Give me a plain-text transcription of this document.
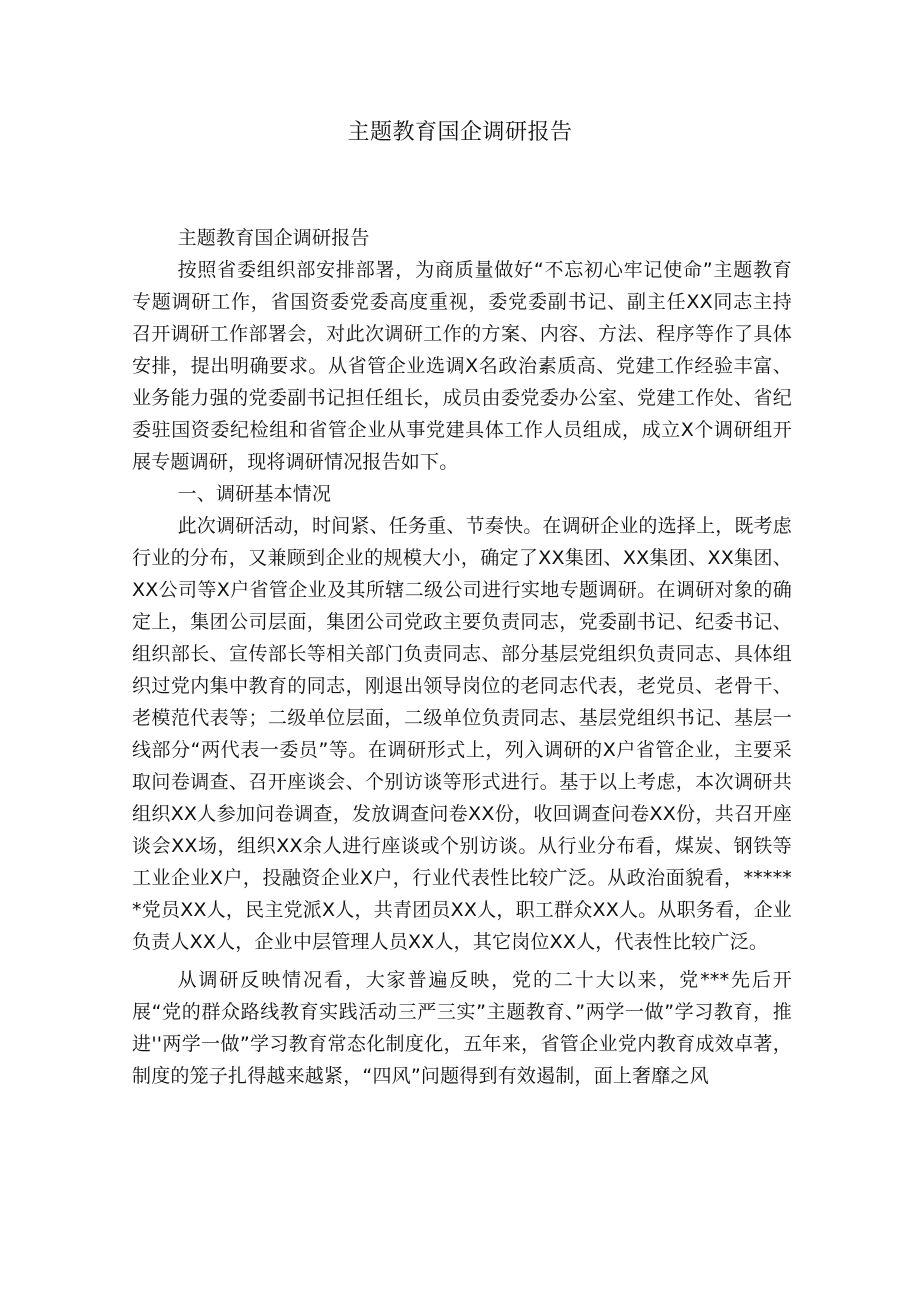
主题教育国企调研报告

主题教育国企调研报告

按照省委组织部安排部署，为商质量做好“不忘初心牢记使命”主题教育专题调研工作，省国资委党委高度重视，委党委副书记、副主任XX同志主持召开调研工作部署会，对此次调研工作的方案、内容、方法、程序等作了具体安排，提出明确要求。从省管企业选调X名政治素质高、党建工作经验丰富、业务能力强的党委副书记担任组长，成员由委党委办公室、党建工作处、省纪委驻国资委纪检组和省管企业从事党建具体工作人员组成，成立X个调研组开展专题调研，现将调研情况报告如下。

一、调研基本情况

此次调研活动，时间紧、任务重、节奏快。在调研企业的选择上，既考虑行业的分布，又兼顾到企业的规模大小，确定了XX集团、XX集团、XX集团、XX公司等X户省管企业及其所辖二级公司进行实地专题调研。在调研对象的确定上，集团公司层面，集团公司党政主要负责同志，党委副书记、纪委书记、组织部长、宣传部长等相关部门负责同志、部分基层党组织负责同志、具体组织过党内集中教育的同志，刚退出领导岗位的老同志代表，老党员、老骨干、老模范代表等；二级单位层面，二级单位负责同志、基层党组织书记、基层一线部分“两代表一委员”等。在调研形式上，列入调研的X户省管企业，主要采取问卷调查、召开座谈会、个别访谈等形式进行。基于以上考虑，本次调研共组织XX人参加问卷调查，发放调查问卷XX份，收回调查问卷XX份，共召开座谈会XX场，组织XX余人进行座谈或个别访谈。从行业分布看，煤炭、钢铁等工业企业X户，投融资企业X户，行业代表性比较广泛。从政治面貌看，******党员XX人，民主党派X人，共青团员XX人，职工群众XX人。从职务看，企业负责人XX人，企业中层管理人员XX人，其它岗位XX人，代表性比较广泛。

从调研反映情况看，大家普遍反映，党的二十大以来，党***先后开展“党的群众路线教育实践活动三严三实”主题教育、”两学一做”学习教育，推进''两学一做”学习教育常态化制度化，五年来，省管企业党内教育成效卓著，制度的笼子扎得越来越紧，“四风”问题得到有效遏制，面上奢靡之风
